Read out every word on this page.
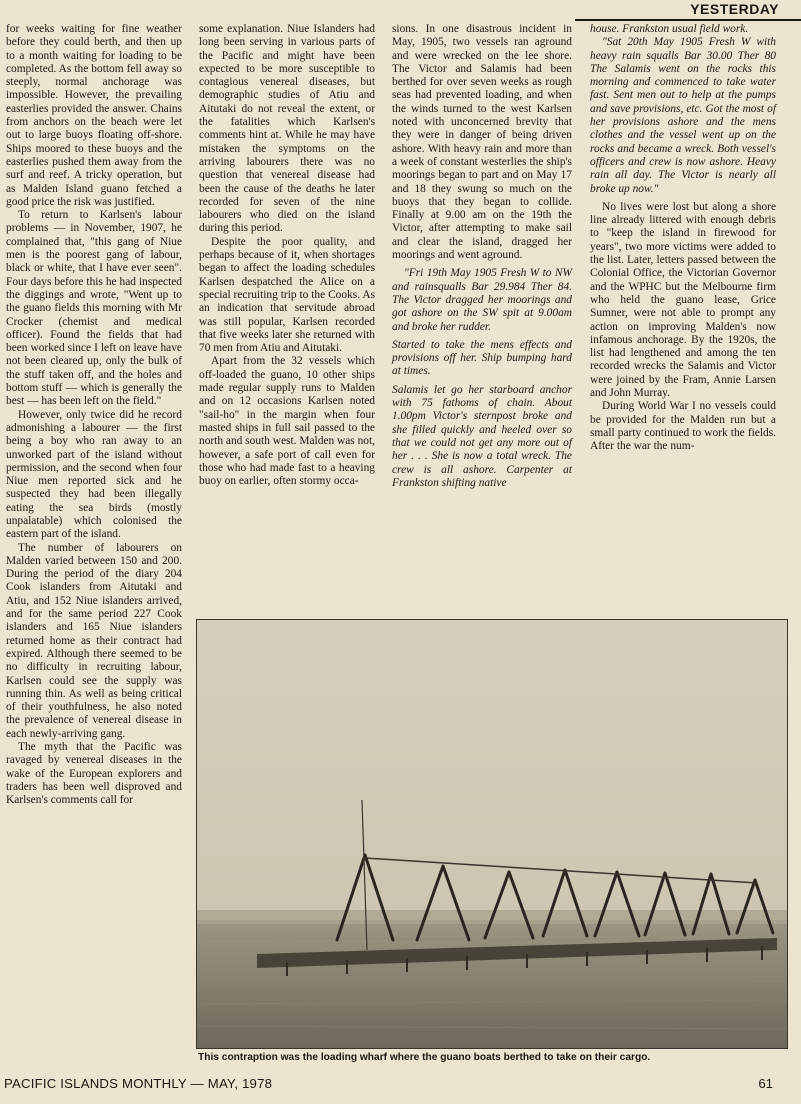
YESTERDAY

for weeks waiting for fine weather before they could berth, and then up to a month waiting for loading to be completed. As the bottom fell away so steeply, normal anchorage was impossible. However, the prevailing easterlies provided the answer. Chains from anchors on the beach were let out to large buoys floating off-shore. Ships moored to these buoys and the easterlies pushed them away from the surf and reef. A tricky operation, but as Malden Island guano fetched a good price the risk was justified.

To return to Karlsen's labour problems — in November, 1907, he complained that, "this gang of Niue men is the poorest gang of labour, black or white, that I have ever seen". Four days before this he had inspected the diggings and wrote, "Went up to the guano fields this morning with Mr Crocker (chemist and medical officer). Found the fields that had been worked since I left on leave have not been cleared up, only the bulk of the stuff taken off, and the holes and bottom stuff — which is generally the best — has been left on the field."

However, only twice did he record admonishing a labourer — the first being a boy who ran away to an unworked part of the island without permission, and the second when four Niue men reported sick and he suspected they had been illegally eating the sea birds (mostly unpalatable) which colonised the eastern part of the island.

The number of labourers on Malden varied between 150 and 200. During the period of the diary 204 Cook islanders from Aitutaki and Atiu, and 152 Niue islanders arrived, and for the same period 227 Cook islanders and 165 Niue islanders returned home as their contract had expired. Although there seemed to be no difficulty in recruiting labour, Karlsen could see the supply was running thin. As well as being critical of their youthfulness, he also noted the prevalence of venereal disease in each newly-arriving gang.

The myth that the Pacific was ravaged by venereal diseases in the wake of the European explorers and traders has been well disproved and Karlsen's comments call for

some explanation. Niue Islanders had long been serving in various parts of the Pacific and might have been expected to be more susceptible to contagious venereal diseases, but demographic studies of Atiu and Aitutaki do not reveal the extent, or the fatalities which Karlsen's comments hint at. While he may have mistaken the symptoms on the arriving labourers there was no question that venereal disease had been the cause of the deaths he later recorded for seven of the nine labourers who died on the island during this period.

Despite the poor quality, and perhaps because of it, when shortages began to affect the loading schedules Karlsen despatched the Alice on a special recruiting trip to the Cooks. As an indication that servitude abroad was still popular, Karlsen recorded that five weeks later she returned with 70 men from Atiu and Aitutaki.

Apart from the 32 vessels which off-loaded the guano, 10 other ships made regular supply runs to Malden and on 12 occasions Karlsen noted "sail-ho" in the margin when four masted ships in full sail passed to the north and south west. Malden was not, however, a safe port of call even for those who had made fast to a heaving buoy on earlier, often stormy occa-

sions. In one disastrous incident in May, 1905, two vessels ran aground and were wrecked on the lee shore. The Victor and Salamis had been berthed for over seven weeks as rough seas had prevented loading, and when the winds turned to the west Karlsen noted with unconcerned brevity that they were in danger of being driven ashore. With heavy rain and more than a week of constant westerlies the ship's moorings began to part and on May 17 and 18 they swung so much on the buoys that they began to collide. Finally at 9.00 am on the 19th the Victor, after attempting to make sail and clear the island, dragged her moorings and went aground.

"Fri 19th May 1905 Fresh W to NW and rainsqualls Bar 29.984 Ther 84. The Victor dragged her moorings and got ashore on the SW spit at 9.00am and broke her rudder.

Started to take the mens effects and provisions off her. Ship bumping hard at times.

Salamis let go her starboard anchor with 75 fathoms of chain. About 1.00pm Victor's sternpost broke and she filled quickly and heeled over so that we could not get any more out of her . . . She is now a total wreck. The crew is all ashore. Carpenter at Frankston shifting native

house. Frankston usual field work.

"Sat 20th May 1905 Fresh W with heavy rain squalls Bar 30.00 Ther 80 The Salamis went on the rocks this morning and commenced to take water fast. Sent men out to help at the pumps and save provisions, etc. Got the most of her provisions ashore and the mens clothes and the vessel went up on the rocks and became a wreck. Both vessel's officers and crew is now ashore. Heavy rain all day. The Victor is nearly all broke up now."

No lives were lost but along a shore line already littered with enough debris to "keep the island in firewood for years", two more victims were added to the list. Later, letters passed between the Colonial Office, the Victorian Governor and the WPHC but the Melbourne firm who held the guano lease, Grice Sumner, were not able to prompt any action on improving Malden's now infamous anchorage. By the 1920s, the list had lengthened and among the ten recorded wrecks the Salamis and Victor were joined by the Fram, Annie Larsen and John Murray.

During World War I no vessels could be provided for the Malden run but a small party continued to work the fields. After the war the num-

This contraption was the loading wharf where the guano boats berthed to take on their cargo.
PACIFIC ISLANDS MONTHLY — MAY, 1978	61
